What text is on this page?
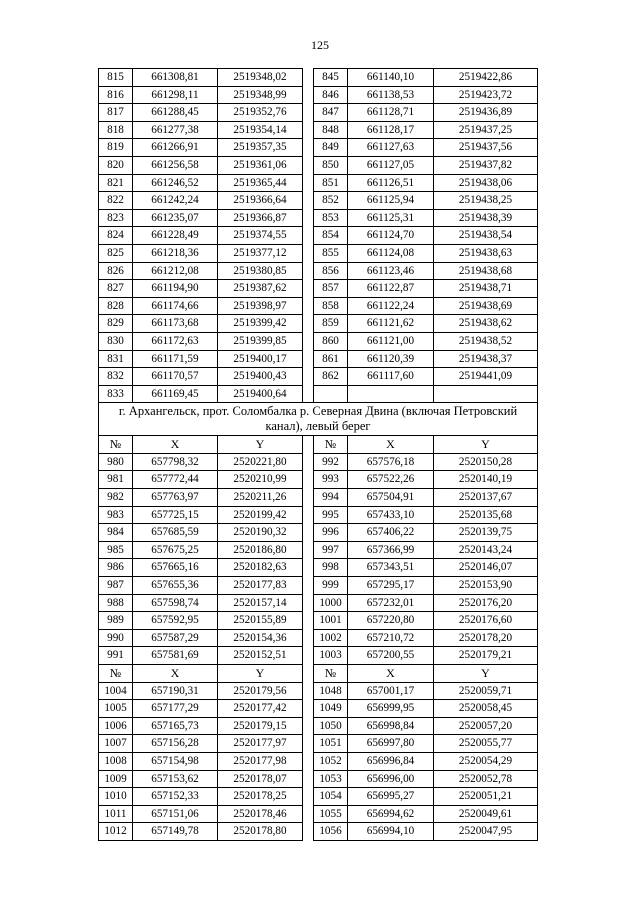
125
815	661308,81	2519348,02		845	661140,10	2519422,86
816	661298,11	2519348,99		846	661138,53	2519423,72
817	661288,45	2519352,76		847	661128,71	2519436,89
818	661277,38	2519354,14		848	661128,17	2519437,25
819	661266,91	2519357,35		849	661127,63	2519437,56
820	661256,58	2519361,06		850	661127,05	2519437,82
821	661246,52	2519365,44		851	661126,51	2519438,06
822	661242,24	2519366,64		852	661125,94	2519438,25
823	661235,07	2519366,87		853	661125,31	2519438,39
824	661228,49	2519374,55		854	661124,70	2519438,54
825	661218,36	2519377,12		855	661124,08	2519438,63
826	661212,08	2519380,85		856	661123,46	2519438,68
827	661194,90	2519387,62		857	661122,87	2519438,71
828	661174,66	2519398,97		858	661122,24	2519438,69
829	661173,68	2519399,42		859	661121,62	2519438,62
830	661172,63	2519399,85		860	661121,00	2519438,52
831	661171,59	2519400,17		861	661120,39	2519438,37
832	661170,57	2519400,43		862	661117,60	2519441,09
833	661169,45	2519400,64				
г. Архангельск, прот. Соломбалка р. Северная Двина (включая Петровский канал), левый берег						
№	X	Y		№	X	Y
980	657798,32	2520221,80		992	657576,18	2520150,28
981	657772,44	2520210,99		993	657522,26	2520140,19
982	657763,97	2520211,26		994	657504,91	2520137,67
983	657725,15	2520199,42		995	657433,10	2520135,68
984	657685,59	2520190,32		996	657406,22	2520139,75
985	657675,25	2520186,80		997	657366,99	2520143,24
986	657665,16	2520182,63		998	657343,51	2520146,07
987	657655,36	2520177,83		999	657295,17	2520153,90
988	657598,74	2520157,14		1000	657232,01	2520176,20
989	657592,95	2520155,89		1001	657220,80	2520176,60
990	657587,29	2520154,36		1002	657210,72	2520178,20
991	657581,69	2520152,51		1003	657200,55	2520179,21
№	X	Y		№	X	Y
1004	657190,31	2520179,56		1048	657001,17	2520059,71
1005	657177,29	2520177,42		1049	656999,95	2520058,45
1006	657165,73	2520179,15		1050	656998,84	2520057,20
1007	657156,28	2520177,97		1051	656997,80	2520055,77
1008	657154,98	2520177,98		1052	656996,84	2520054,29
1009	657153,62	2520178,07		1053	656996,00	2520052,78
1010	657152,33	2520178,25		1054	656995,27	2520051,21
1011	657151,06	2520178,46		1055	656994,62	2520049,61
1012	657149,78	2520178,80		1056	656994,10	2520047,95
